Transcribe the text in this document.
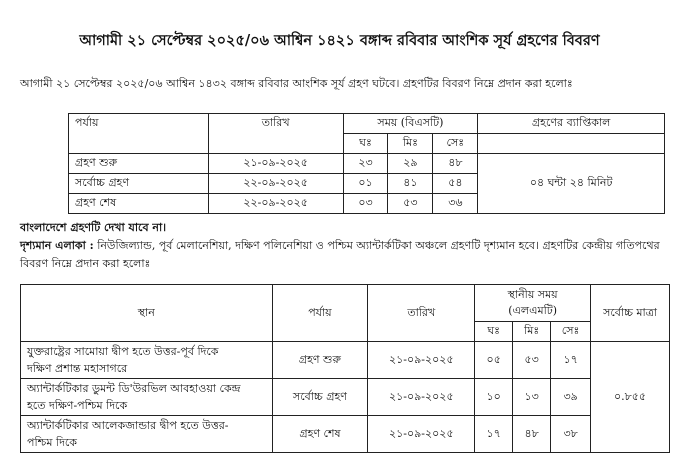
আগামী ২১ সেপ্টেম্বর ২০২৫/০৬ আশ্বিন ১৪২১ বঙ্গাব্দ রবিবার আংশিক সূর্য গ্রহণের বিবরণ

আগামী ২১ সেপ্টেম্বর ২০২৫/০৬ আশ্বিন ১৪৩২ বঙ্গাব্দ রবিবার আংশিক সূর্য গ্রহণ ঘটবে। গ্রহণটির বিবরণ নিম্নে প্রদান করা হলোঃ

পর্যায়	তারিখ	সময় (বিএসটি)			গ্রহণের ব্যাপ্তিকাল
		ঘঃ	মিঃ	সেঃ	
গ্রহণ শুরু	২১-০৯-২০২৫	২৩	২৯	৪৮	০৪ ঘন্টা ২৪ মিনিট
সর্বোচ্চ গ্রহণ	২২-০৯-২০২৫	০১	৪১	৫৪	
গ্রহণ শেষ	২২-০৯-২০২৫	০৩	৫৩	৩৬	

বাংলাদেশে গ্রহণটি দেখা যাবে না।

দৃশ্যমান এলাকা : নিউজিল্যান্ড, পূর্ব মেলানেশিয়া, দক্ষিণ পলিনেশিয়া ও পশ্চিম অ্যান্টার্কটিকা অঞ্চলে গ্রহণটি দৃশ্যমান হবে। গ্রহণটির কেন্দ্রীয় গতিপথের বিবরণ নিম্নে প্রদান করা হলোঃ

স্থান	পর্যায়	তারিখ	স্থানীয় সময়
(এলএমটি)			সর্বোচ্চ মাত্রা
			ঘঃ	মিঃ	সেঃ	
যুক্তরাষ্ট্রের সামোয়া দ্বীপ হতে উত্তর-পূর্ব দিকে
দক্ষিণ প্রশান্ত মহাসাগরে	গ্রহণ শুরু	২১-০৯-২০২৫	০৫	৫৩	১৭	০.৮৫৫
অ্যান্টার্কটিকার ডুমন্ট ডি'উরভিল আবহাওয়া কেন্দ্র
হতে দক্ষিণ-পশ্চিম দিকে	সর্বোচ্চ গ্রহণ	২১-০৯-২০২৫	১০	১৩	৩৯	
অ্যান্টার্কটিকার আলেকজান্ডার দ্বীপ হতে উত্তর-
পশ্চিম দিকে	গ্রহণ শেষ	২১-০৯-২০২৫	১৭	৪৮	৩৮	
